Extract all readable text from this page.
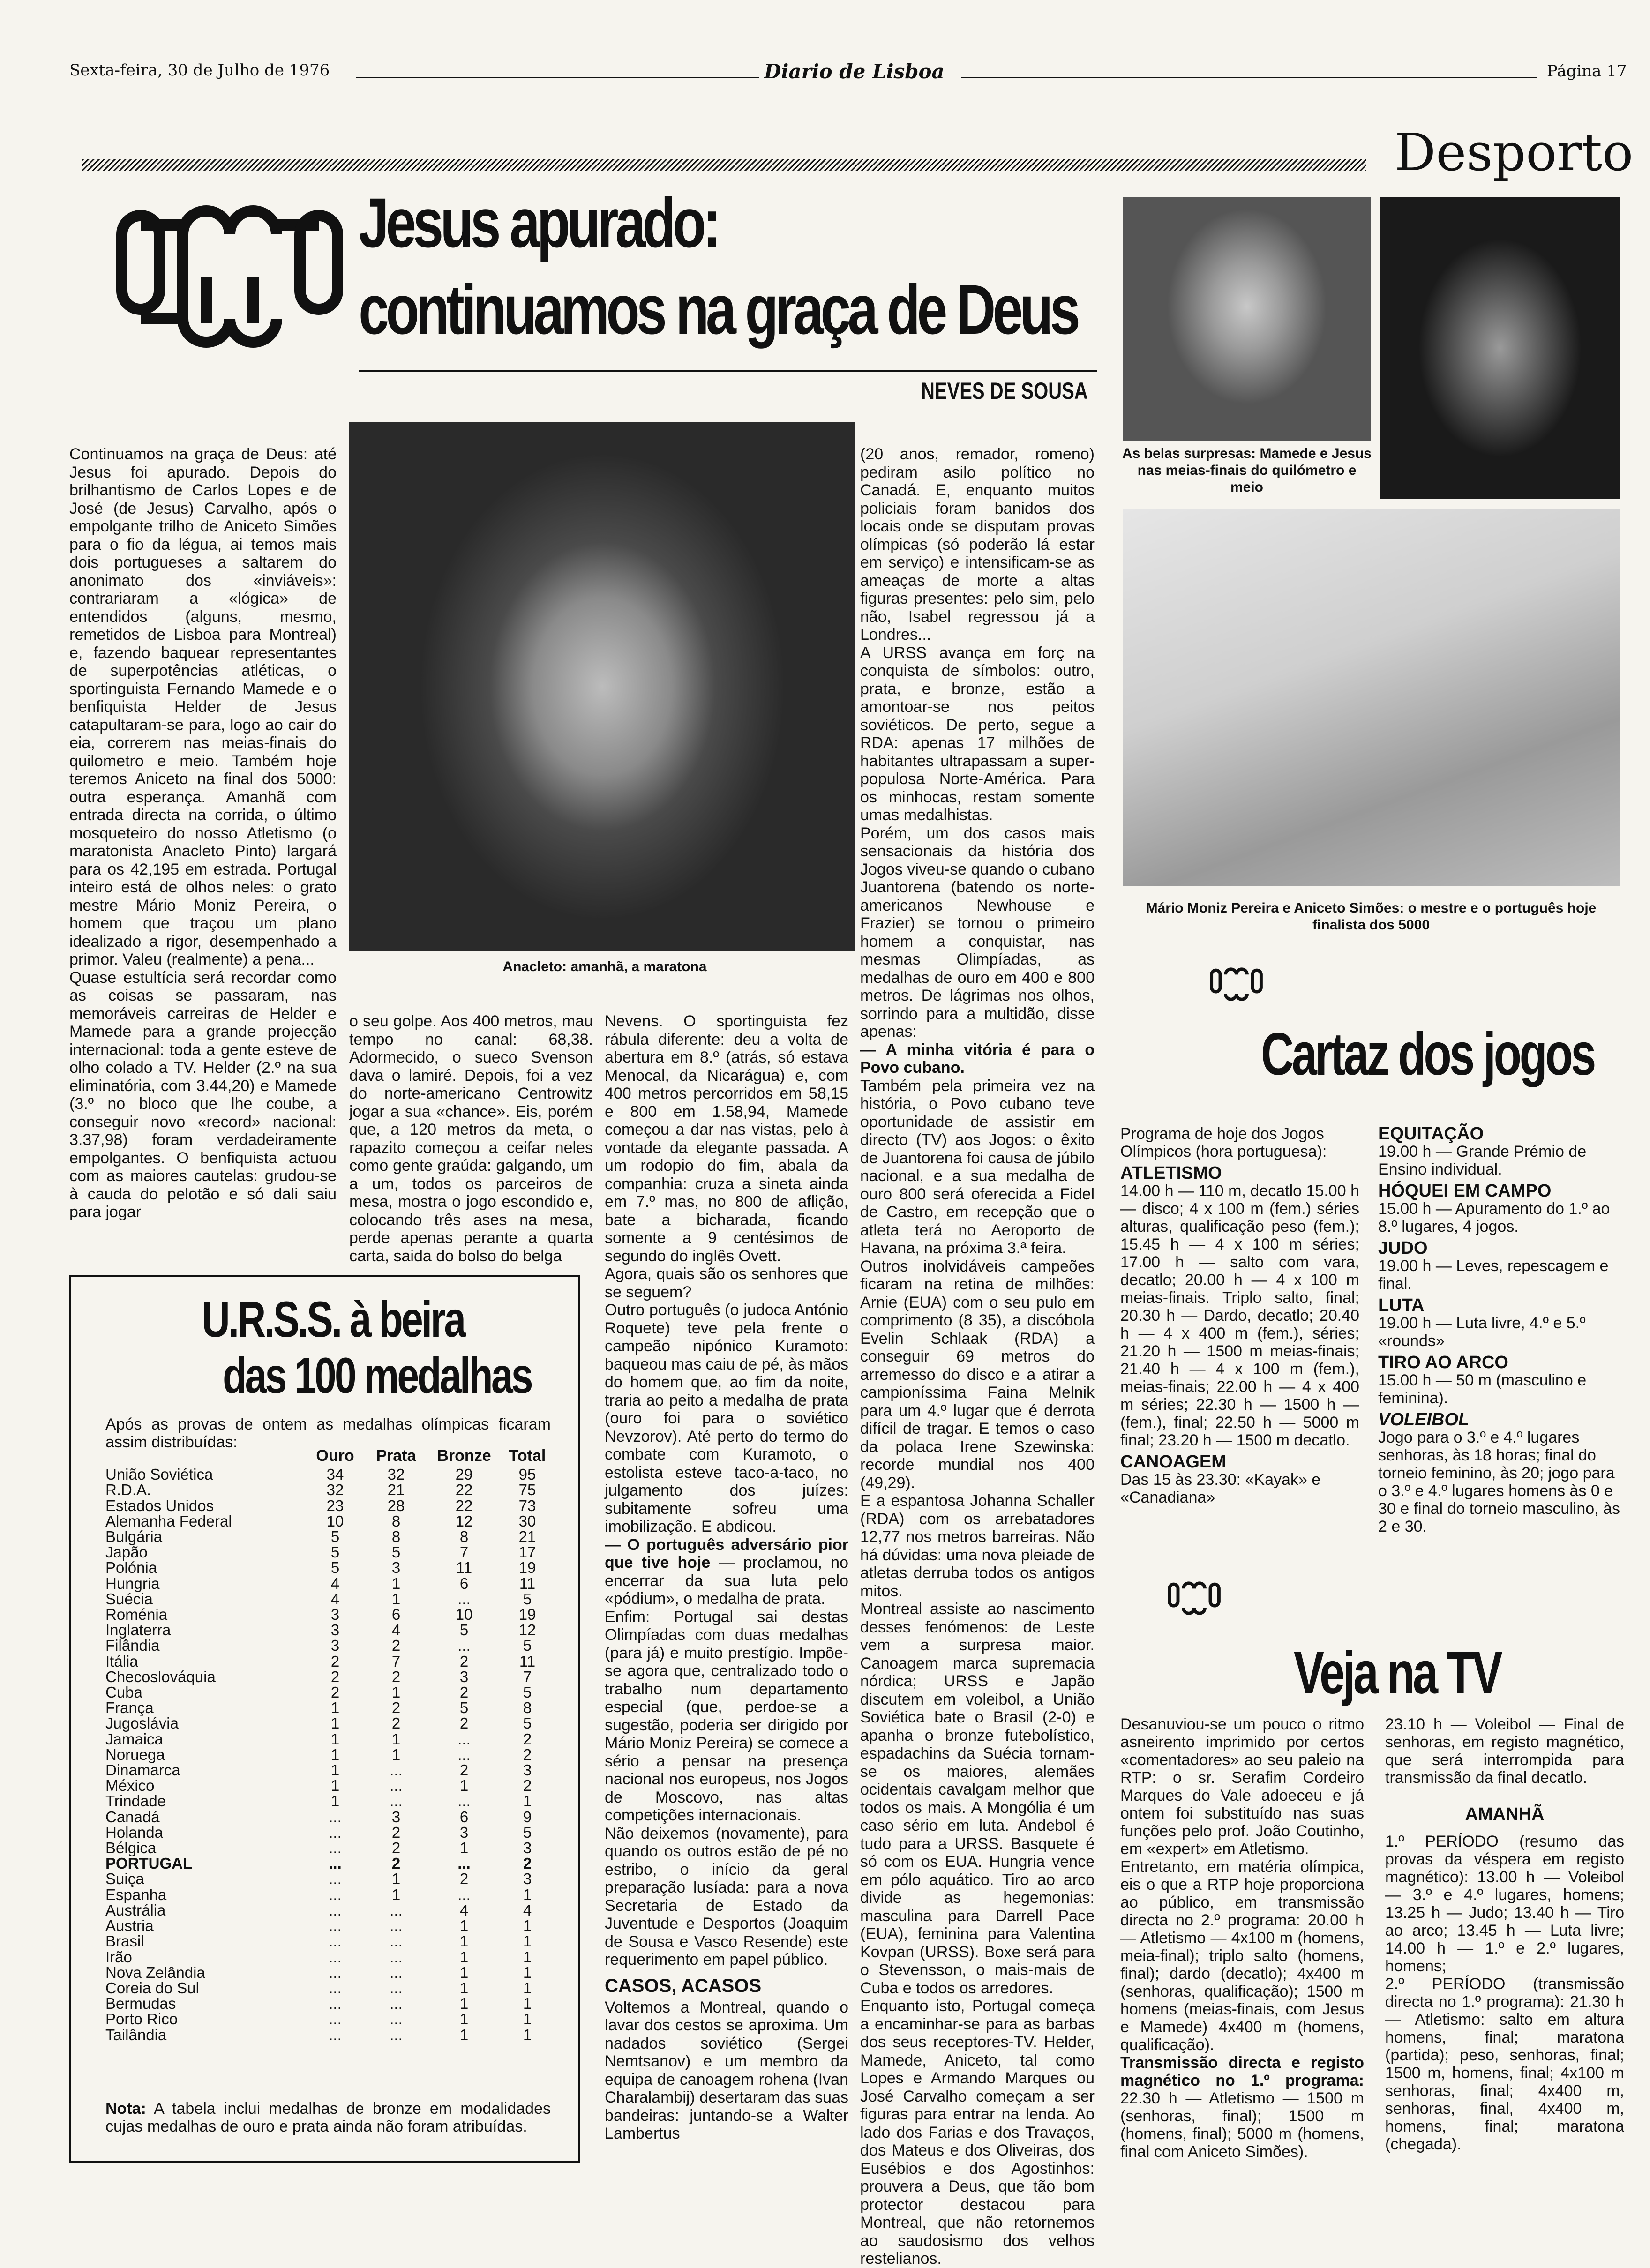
Sexta-feira, 30 de Julho de 1976	Diario de Lisboa	Página 17
Desporto
Jesus apurado:
continuamos na graça de Deus
NEVES DE SOUSA
Anacleto: amanhã, a maratona

Continuamos na graça de Deus: até Jesus foi apurado. Depois do brilhantismo de Carlos Lopes e de José (de Jesus) Carvalho, após o empolgante trilho de Aniceto Simões para o fio da légua, ai temos mais dois portugueses a saltarem do anonimato dos «inviáveis»: contrariaram a «lógica» de entendidos (alguns, mesmo, remetidos de Lisboa para Montreal) e, fazendo baquear representantes de superpotências atléticas, o sportinguista Fernando Mamede e o benfiquista Helder de Jesus catapultaram-se para, logo ao cair do eia, correrem nas meias-finais do quilometro e meio. Também hoje teremos Aniceto na final dos 5000: outra esperança. Amanhã com entrada directa na corrida, o último mosqueteiro do nosso Atletismo (o maratonista Anacleto Pinto) largará para os 42,195 em estrada. Portugal inteiro está de olhos neles: o grato mestre Mário Moniz Pereira, o homem que traçou um plano idealizado a rigor, desempenhado a primor. Valeu (realmente) a pena...

Quase estultícia será recordar como as coisas se passaram, nas memoráveis carreiras de Helder e Mamede para a grande projecção internacional: toda a gente esteve de olho colado a TV. Helder (2.º na sua eliminatória, com 3.44,20) e Mamede (3.º no bloco que lhe coube, a conseguir novo «record» nacional: 3.37,98) foram verdadeiramente empolgantes. O benfiquista actuou com as maiores cautelas: grudou-se à cauda do pelotão e só dali saiu para jogar

o seu golpe. Aos 400 metros, mau tempo no canal: 68,38. Adormecido, o sueco Svenson dava o lamiré. Depois, foi a vez do norte-americano Centrowitz jogar a sua «chance». Eis, porém que, a 120 metros da meta, o rapazito começou a ceifar neles como gente graúda: galgando, um a um, todos os parceiros de mesa, mostra o jogo escondido e, colocando três ases na mesa, perde apenas perante a quarta carta, saida do bolso do belga

Nevens. O sportinguista fez rábula diferente: deu a volta de abertura em 8.º (atrás, só estava Menocal, da Nicarágua) e, com 400 metros percorridos em 58,15 e 800 em 1.58,94, Mamede começou a dar nas vistas, pelo à vontade da elegante passada. A um rodopio do fim, abala da companhia: cruza a sineta ainda em 7.º mas, no 800 de aflição, bate a bicharada, ficando somente a 9 centésimos de segundo do inglês Ovett.

Agora, quais são os senhores que se seguem?

Outro português (o judoca António Roquete) teve pela frente o campeão nipónico Kuramoto: baqueou mas caiu de pé, às mãos do homem que, ao fim da noite, traria ao peito a medalha de prata (ouro foi para o soviético Nevzorov). Até perto do termo do combate com Kuramoto, o estolista esteve taco-a-taco, no julgamento dos juízes: subitamente sofreu uma imobilização. E abdicou.

— O português adversário pior que tive hoje — proclamou, no encerrar da sua luta pelo «pódium», o medalha de prata.

Enfim: Portugal sai destas Olimpíadas com duas medalhas (para já) e muito prestígio. Impõe-se agora que, centralizado todo o trabalho num departamento especial (que, perdoe-se a sugestão, poderia ser dirigido por Mário Moniz Pereira) se comece a sério a pensar na presença nacional nos europeus, nos Jogos de Moscovo, nas altas competições internacionais.

Não deixemos (novamente), para quando os outros estão de pé no estribo, o início da geral preparação lusíada: para a nova Secretaria de Estado da Juventude e Desportos (Joaquim de Sousa e Vasco Resende) este requerimento em papel público.

CASOS, ACASOS

Voltemos a Montreal, quando o lavar dos cestos se aproxima. Um nadados soviético (Sergei Nemtsanov) e um membro da equipa de canoagem rohena (Ivan Charalambij) desertaram das suas bandeiras: juntando-se a Walter Lambertus

(20 anos, remador, romeno) pediram asilo político no Canadá. E, enquanto muitos policiais foram banidos dos locais onde se disputam provas olímpicas (só poderão lá estar em serviço) e intensificam-se as ameaças de morte a altas figuras presentes: pelo sim, pelo não, Isabel regressou já a Londres...

A URSS avança em forç na conquista de símbolos: outro, prata, e bronze, estão a amontoar-se nos peitos soviéticos. De perto, segue a RDA: apenas 17 milhões de habitantes ultrapassam a super-populosa Norte-América. Para os minhocas, restam somente umas medalhistas.

Porém, um dos casos mais sensacionais da história dos Jogos viveu-se quando o cubano Juantorena (batendo os norte-americanos Newhouse e Frazier) se tornou o primeiro homem a conquistar, nas mesmas Olimpíadas, as medalhas de ouro em 400 e 800 metros. De lágrimas nos olhos, sorrindo para a multidão, disse apenas:

— A minha vitória é para o Povo cubano.

Também pela primeira vez na história, o Povo cubano teve oportunidade de assistir em directo (TV) aos Jogos: o êxito de Juantorena foi causa de júbilo nacional, e a sua medalha de ouro 800 será oferecida a Fidel de Castro, em recepção que o atleta terá no Aeroporto de Havana, na próxima 3.ª feira.

Outros inolvidáveis campeões ficaram na retina de milhões: Arnie (EUA) com o seu pulo em comprimento (8 35), a discóbola Evelin Schlaak (RDA) a conseguir 69 metros do arremesso do disco e a atirar a campioníssima Faina Melnik para um 4.º lugar que é derrota difícil de tragar. E temos o caso da polaca Irene Szewinska: recorde mundial nos 400 (49,29).

E a espantosa Johanna Schaller (RDA) com os arrebatadores 12,77 nos metros barreiras. Não há dúvidas: uma nova pleiade de atletas derruba todos os antigos mitos.

Montreal assiste ao nascimento desses fenómenos: de Leste vem a surpresa maior. Canoagem marca supremacia nórdica; URSS e Japão discutem em voleibol, a União Soviética bate o Brasil (2-0) e apanha o bronze futebolístico, espadachins da Suécia tornam-se os maiores, alemães ocidentais cavalgam melhor que todos os mais. A Mongólia é um caso sério em luta. Andebol é tudo para a URSS. Basquete é só com os EUA. Hungria vence em pólo aquático. Tiro ao arco divide as hegemonias: masculina para Darrell Pace (EUA), feminina para Valentina Kovpan (URSS). Boxe será para o Stevensson, o mais-mais de Cuba e todos os arredores.

Enquanto isto, Portugal começa a encaminhar-se para as barbas dos seus receptores-TV. Helder, Mamede, Aniceto, tal como Lopes e Armando Marques ou José Carvalho começam a ser figuras para entrar na lenda. Ao lado dos Farias e dos Travaços, dos Mateus e dos Oliveiras, dos Eusébios e dos Agostinhos: prouvera a Deus, que tão bom protector destacou para Montreal, que não retornemos ao saudosismo dos velhos restelianos.

U.R.S.S. à beira
das 100 medalhas
Após as provas de ontem as medalhas olímpicas ficaram assim distribuídas:
	Ouro	Prata	Bronze	Total
União Soviética	34	32	29	95
R.D.A.	32	21	22	75
Estados Unidos	23	28	22	73
Alemanha Federal	10	8	12	30
Bulgária	5	8	8	21
Japão	5	5	7	17
Polónia	5	3	11	19
Hungria	4	1	6	11
Suécia	4	1	...	5
Roménia	3	6	10	19
Inglaterra	3	4	5	12
Filândia	3	2	...	5
Itália	2	7	2	11
Checoslováquia	2	2	3	7
Cuba	2	1	2	5
França	1	2	5	8
Jugoslávia	1	2	2	5
Jamaica	1	1	...	2
Noruega	1	1	...	2
Dinamarca	1	...	2	3
México	1	...	1	2
Trindade	1	...	...	1
Canadá	...	3	6	9
Holanda	...	2	3	5
Bélgica	...	2	1	3
PORTUGAL	...	2	...	2
Suiça	...	1	2	3
Espanha	...	1	...	1
Austrália	...	...	4	4
Austria	...	...	1	1
Brasil	...	...	1	1
Irão	...	...	1	1
Nova Zelândia	...	...	1	1
Coreia do Sul	...	...	1	1
Bermudas	...	...	1	1
Porto Rico	...	...	1	1
Tailândia	...	...	1	1
Nota: A tabela inclui medalhas de bronze em modalidades cujas medalhas de ouro e prata ainda não foram atribuídas.
As belas surpresas: Mamede e Jesus nas meias-finais do quilómetro e meio
Mário Moniz Pereira e Aniceto Simões: o mestre e o português hoje finalista dos 5000
Cartaz dos jogos
Programa de hoje dos Jogos Olímpicos (hora portuguesa):
ATLETISMO
14.00 h — 110 m, decatlo 15.00 h — disco; 4 x 100 m (fem.) séries alturas, qualificação peso (fem.); 15.45 h — 4 x 100 m séries; 17.00 h — salto com vara, decatlo; 20.00 h — 4 x 100 m meias-finais. Triplo salto, final; 20.30 h — Dardo, decatlo; 20.40 h — 4 x 400 m (fem.), séries; 21.20 h — 1500 m meias-finais; 21.40 h — 4 x 100 m (fem.), meias-finais; 22.00 h — 4 x 400 m séries; 22.30 h — 1500 h — (fem.), final; 22.50 h — 5000 m final; 23.20 h — 1500 m decatlo.
CANOAGEM
Das 15 às 23.30: «Kayak» e «Canadiana»
EQUITAÇÃO
19.00 h — Grande Prémio de Ensino individual.
HÓQUEI EM CAMPO
15.00 h — Apuramento do 1.º ao 8.º lugares, 4 jogos.
JUDO
19.00 h — Leves, repescagem e final.
LUTA
19.00 h — Luta livre, 4.º e 5.º «rounds»
TIRO AO ARCO
15.00 h — 50 m (masculino e feminina).
VOLEIBOL
Jogo para o 3.º e 4.º lugares senhoras, às 18 horas; final do torneio feminino, às 20; jogo para o 3.º e 4.º lugares homens às 0 e 30 e final do torneio masculino, às 2 e 30.
Veja na TV

Desanuviou-se um pouco o ritmo asneirento imprimido por certos «comentadores» ao seu paleio na RTP: o sr. Serafim Cordeiro Marques do Vale adoeceu e já ontem foi substituído nas suas funções pelo prof. João Coutinho, em «expert» em Atletismo.

Entretanto, em matéria olímpica, eis o que a RTP hoje proporciona ao público, em transmissão directa no 2.º programa: 20.00 h — Atletismo — 4x100 m (homens, meia-final); triplo salto (homens, final); dardo (decatlo); 4x400 m (senhoras, qualificação); 1500 m homens (meias-finais, com Jesus e Mamede) 4x400 m (homens, qualificação).

Transmissão directa e registo magnético no 1.º programa: 22.30 h — Atletismo — 1500 m (senhoras, final); 1500 m (homens, final); 5000 m (homens, final com Aniceto Simões).

23.10 h — Voleibol — Final de senhoras, em registo magnético, que será interrompida para transmissão da final decatlo.

AMANHÃ

1.º PERÍODO (resumo das provas da véspera em registo magnético): 13.00 h — Voleibol — 3.º e 4.º lugares, homens; 13.25 h — Judo; 13.40 h — Tiro ao arco; 13.45 h — Luta livre; 14.00 h — 1.º e 2.º lugares, homens;

2.º PERÍODO (transmissão directa no 1.º programa): 21.30 h — Atletismo: salto em altura homens, final; maratona (partida); peso, senhoras, final; 1500 m, homens, final; 4x100 m senhoras, final; 4x400 m, senhoras, final, 4x400 m, homens, final; maratona (chegada).
